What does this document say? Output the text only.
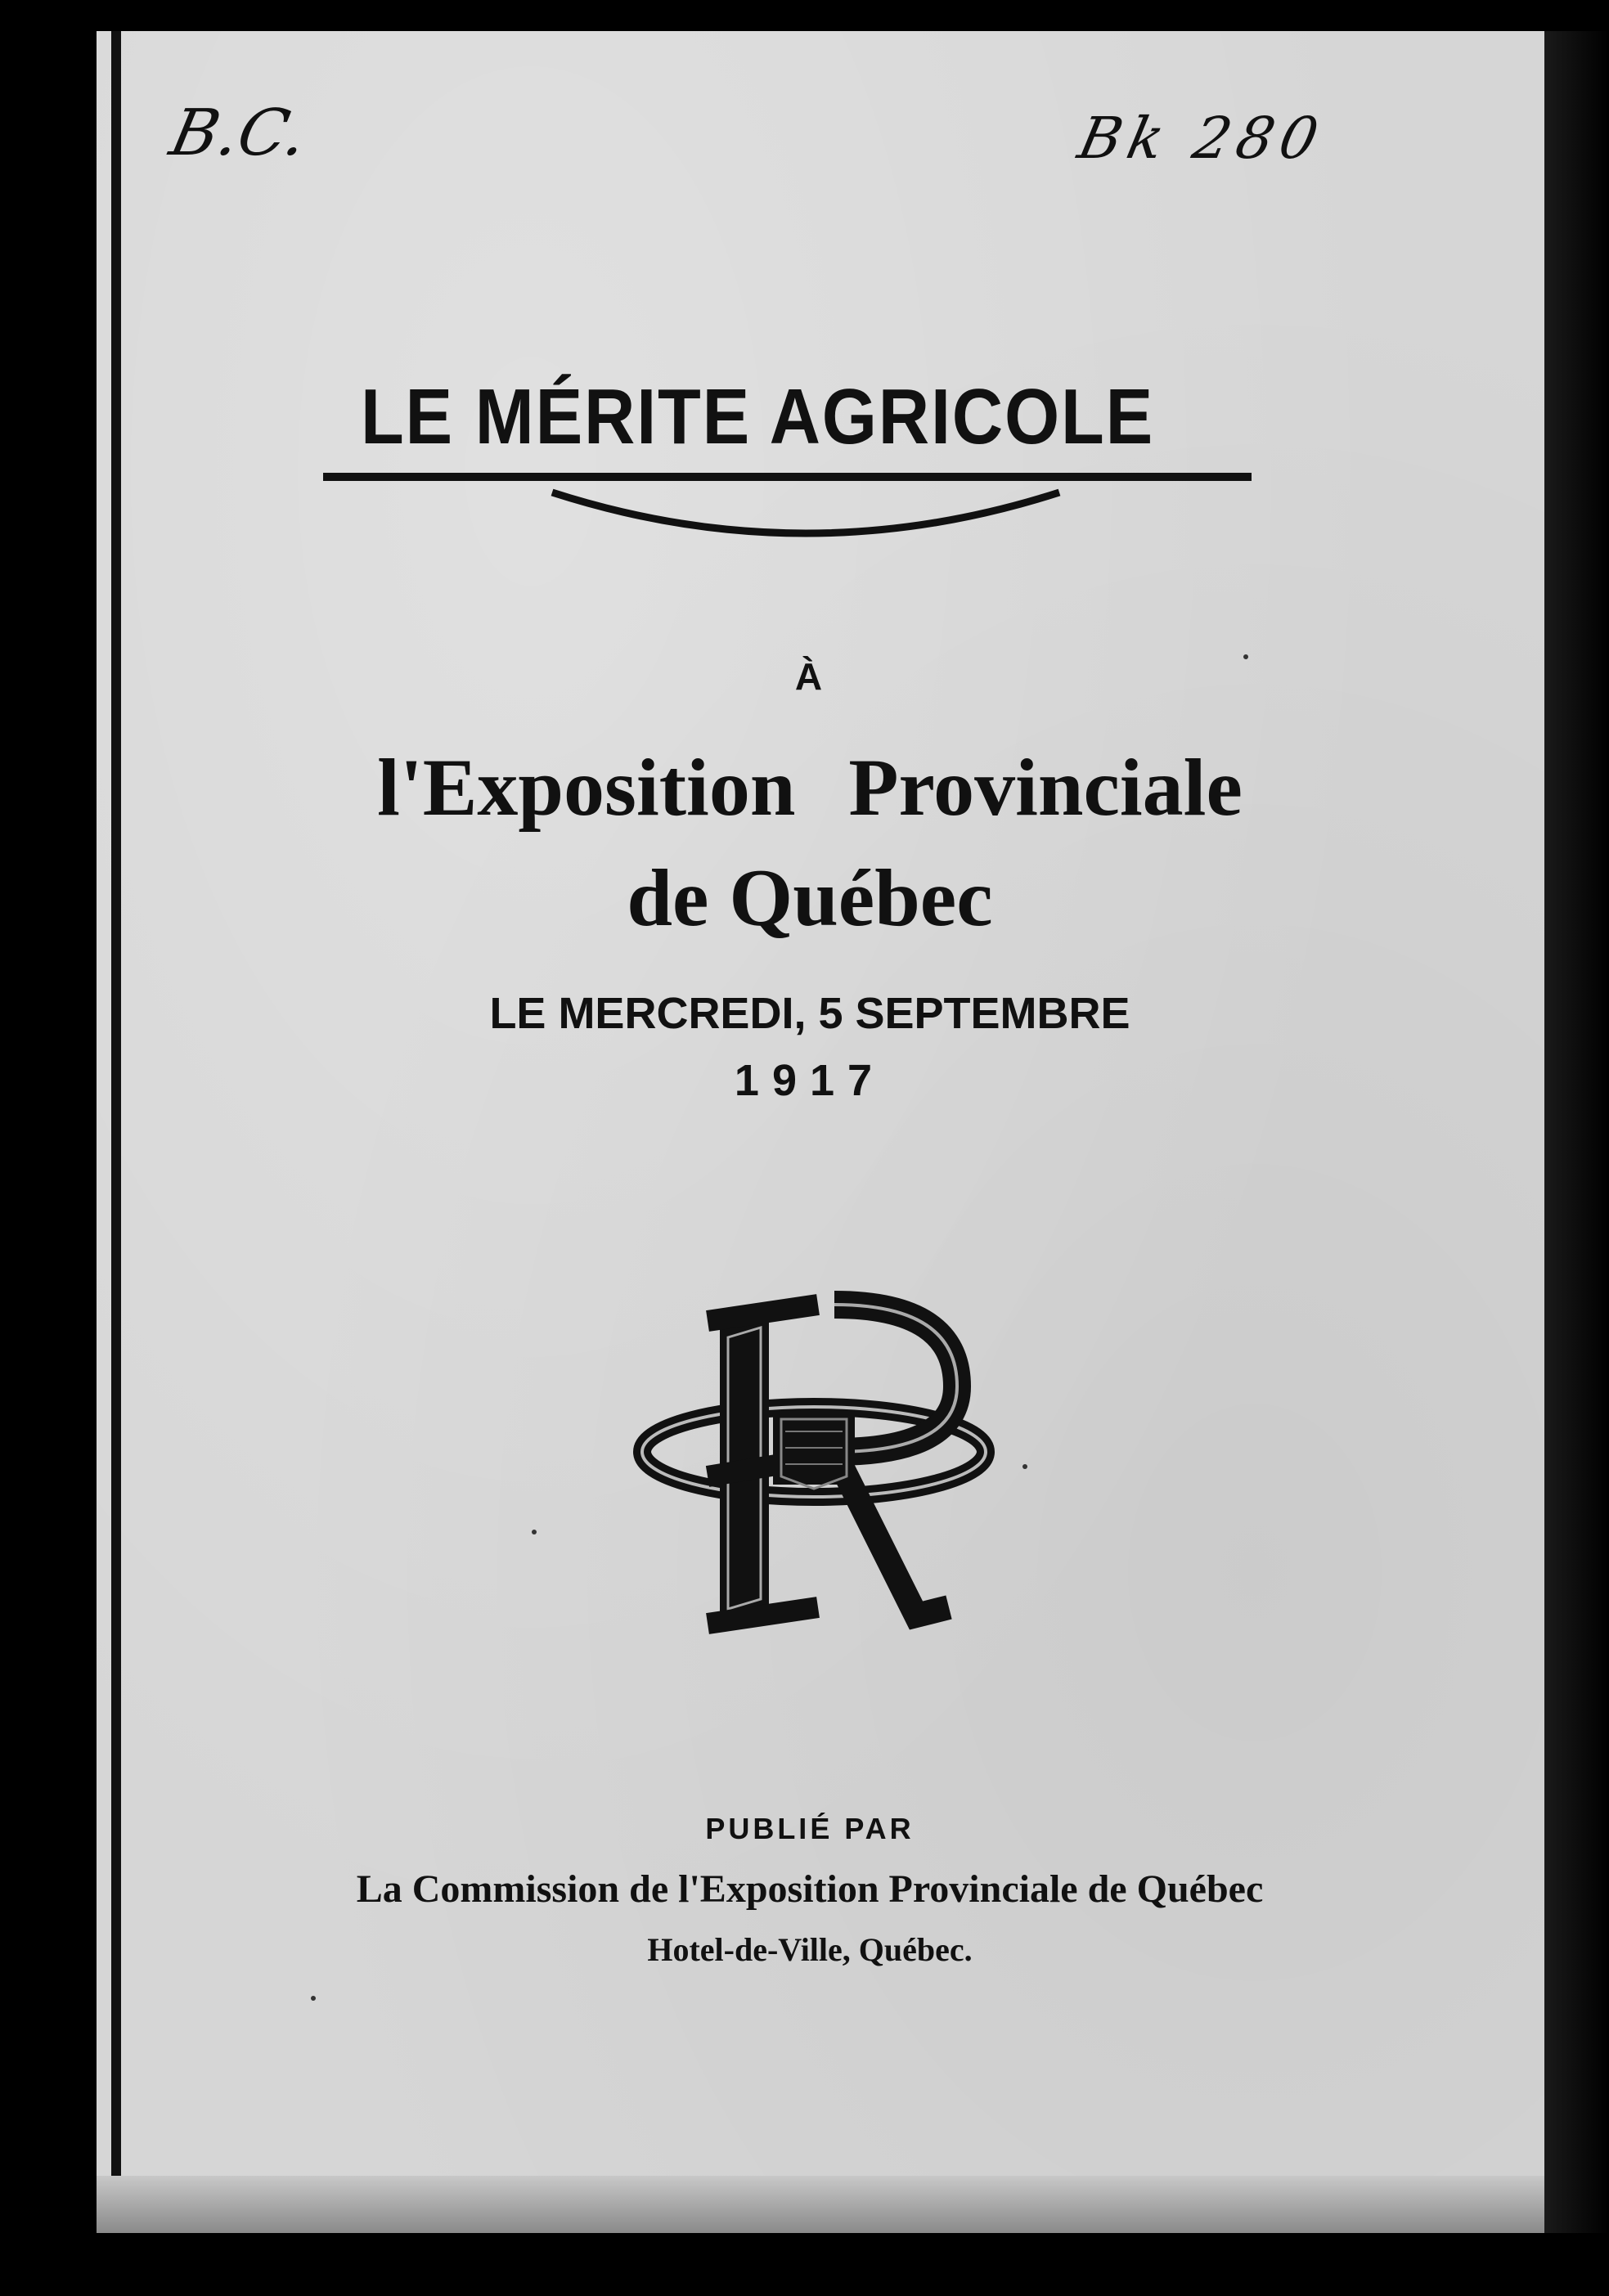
B.C.	Bk 280
LE MÉRITE AGRICOLE
À
l'Exposition Provinciale
de Québec
LE MERCREDI, 5 SEPTEMBRE
1917
PUBLIÉ PAR
La Commission de l'Exposition Provinciale de Québec
Hotel-de-Ville, Québec.
